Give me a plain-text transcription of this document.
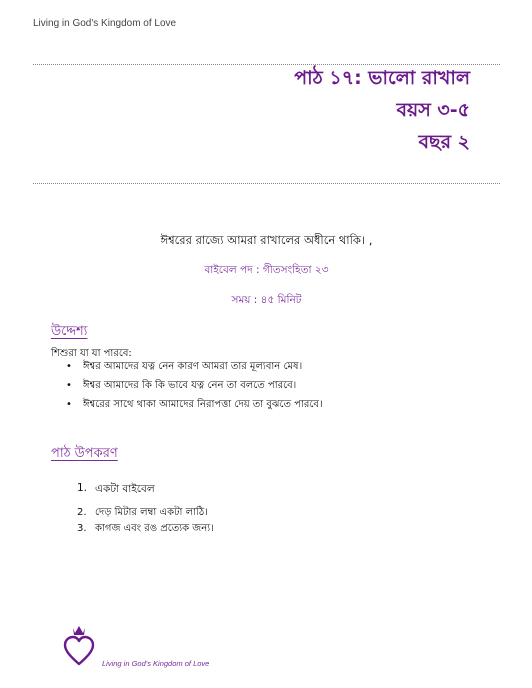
Living in God's Kingdom of Love
পাঠ ১৭: ভালো রাখাল
বয়স ৩-৫
বছর ২
ঈশ্বরের রাজ্যে আমরা রাখালের অধীনে থাকি। ,
বাইবেল পদ : গীতসংহিতা ২৩
সময় : ৪৫ মিনিট
উদ্দেশ্য
শিশুরা যা যা পারবে:
• ঈশ্বর আমাদের যত্ন নেন কারণ আমরা তার মূল্যবান মেষ।
• ঈশ্বর আমাদের কি কি ভাবে যত্ন নেন তা বলতে পারবে।
• ঈশ্বরের সাথে থাকা আমাদের নিরাপত্তা দেয় তা বুঝতে পারবে।
পাঠ উপকরণ
1. একটা বাইবেল
2. দেড় মিটার লম্বা একটা লাঠি।
3. কাগজ এবং রঙ প্রত্যেক জন্য।
Living in God's Kingdom of Love
